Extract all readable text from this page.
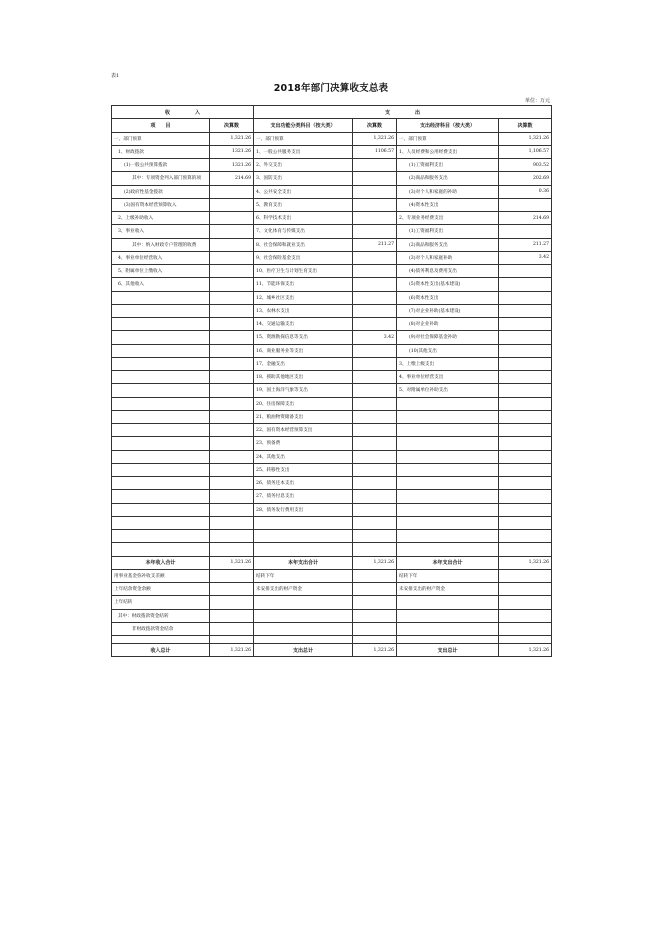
表1
2018年部门决算收支总表
单位：万元
收　　　　　入		支　　　　　出			
项　　目	决算数	支出功能分类科目（按大类）	决算数	支出经济科目（按大类）	决算数
一、部门预算	1,321.26	一、部门预算	1,321.26	一、部门预算	1,321.26
1、财政拨款	1321.26	1、一般公共服务支出	1106.57	1、人员经费和公用经费支出	1,106.57
(1)一般公共预算拨款	1321.26	2、外交支出		(1)工资福利支出	903.52
其中：专项资金列入部门预算的项	214.69	3、国防支出		(2)商品和服务支出	202.69
(2)政府性基金拨款		4、公共安全支出		(3)对个人和家庭的补助	0.36
(3)国有资本经营预算收入		5、教育支出		(4)资本性支出	
2、上级补助收入		6、科学技术支出		2、专项业务经费支出	214.69
3、事业收入		7、文化体育与传媒支出		(1)工资福利支出	
其中：纳入财政专户管理的收费		8、社会保障和就业支出	211.27	(2)商品和服务支出	211.27
4、事业单位经营收入		9、社会保险基金支出		(3)对个人和家庭补助	3.42
5、附属单位上缴收入		10、医疗卫生与计划生育支出		(4)债务利息及费用支出	
6、其他收入		11、节能环保支出		(5)资本性支出(基本建设)	
		12、城乡社区支出		(6)资本性支出	
		13、农林水支出		(7)对企业补助(基本建设)	
		14、交通运输支出		(8)对企业补助	
		15、资源勘探信息等支出	3.42	(9)对社会保障基金补助	
		16、商业服务业等支出		(10)其他支出	
		17、金融支出		3、上缴上级支出	
		18、援助其他地区支出		4、事业单位经营支出	
		19、国土海洋气象等支出		5、对附属单位补助支出	
		20、住房保障支出			
		21、粮油物资储备支出			
		22、国有资本经营预算支出			
		23、预备费			
		24、其他支出			
		25、转移性支出			
		26、债务还本支出			
		27、债务付息支出			
		28、债务发行费用支出			

本年收入合计	1,321.26	本年支出合计	1,321.26	本年支出合计	1,321.26
用事业基金弥补收支差额		结转下年		结转下年	
上年结余资金余额		未安排支出的财产资金		未安排支出的财产资金	
上年结转					
其中：财政拨款资金结转					
非财政拨款资金结余					

收入总计	1,321.26	支出总计	1,321.26	支出总计	1,321.26
